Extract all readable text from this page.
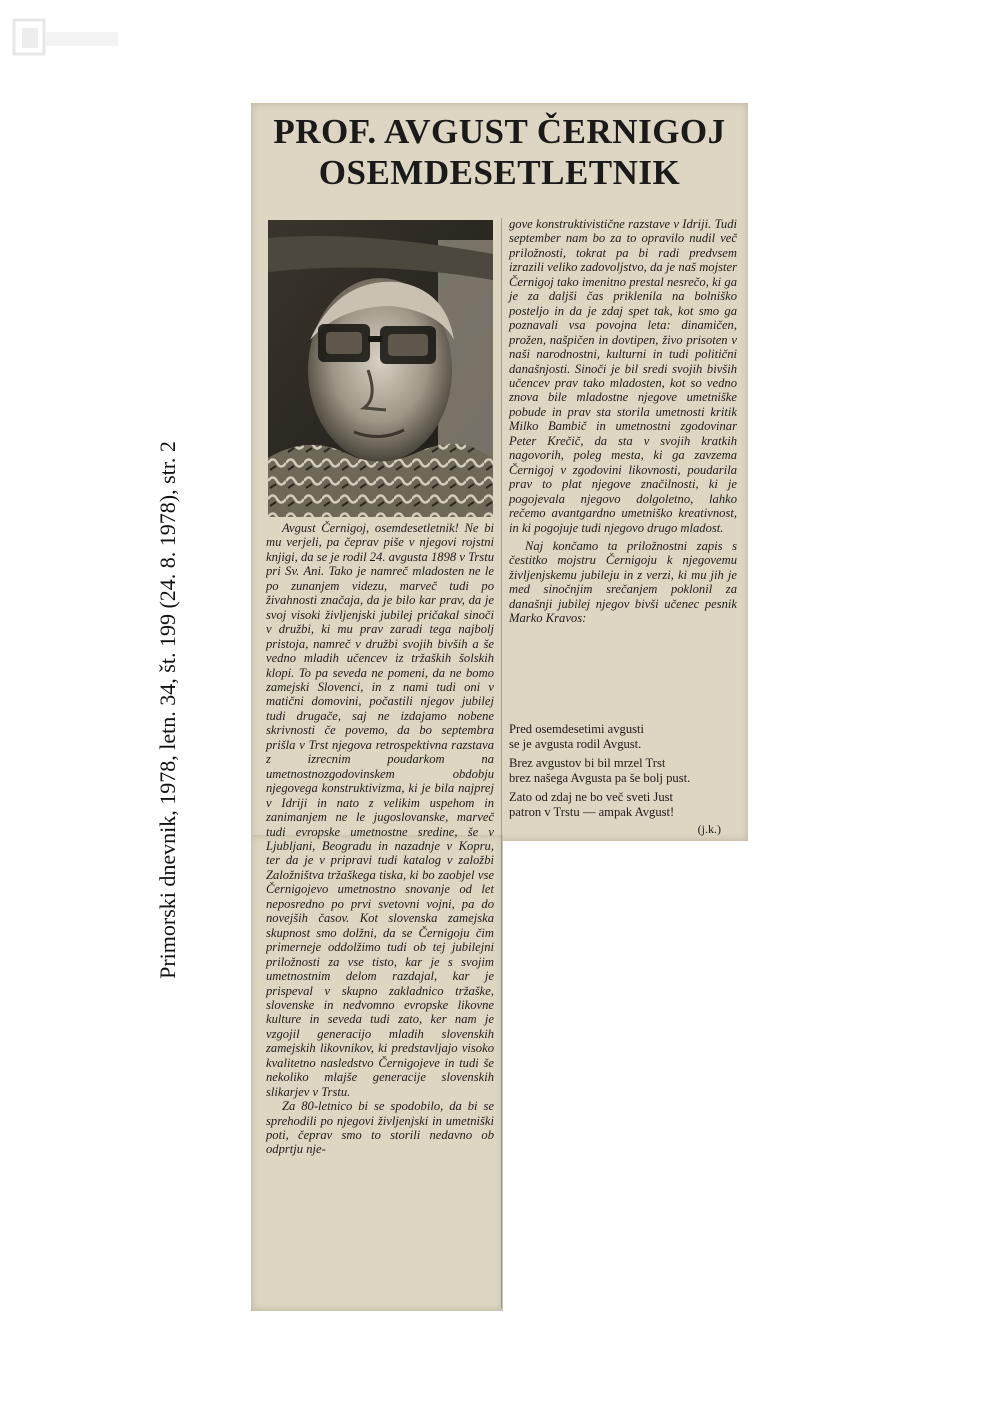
Primorski dnevnik, 1978, letn. 34, št. 199 (24. 8. 1978), str. 2
PROF. AVGUST ČERNIGOJ
OSEMDESETLETNIK

Avgust Černigoj, osemdesetletnik! Ne bi mu verjeli, pa čeprav piše v njegovi rojstni knjigi, da se je rodil 24. avgusta 1898 v Trstu pri Sv. Ani. Tako je namreč mladosten ne le po zunanjem videzu, marveč tudi po živahnosti značaja, da je bilo kar prav, da je svoj visoki življenjski jubilej pričakal sinoči v družbi, ki mu prav zaradi tega najbolj pristoja, namreč v družbi svojih bivših a še vedno mladih učencev iz tržaških šolskih klopi. To pa seveda ne pomeni, da ne bomo zamejski Slovenci, in z nami tudi oni v matični domovini, počastili njegov jubilej tudi drugače, saj ne izdajamo nobene skrivnosti če povemo, da bo septembra prišla v Trst njegova retrospektivna razstava z izrecnim poudarkom na umetnostnozgodovinskem obdobju njegovega konstruktivizma, ki je bila najprej v Idriji in nato z velikim uspehom in zanimanjem ne le jugoslovanske, marveč tudi evropske umetnostne sredine, še v Ljubljani, Beogradu in nazadnje v Kopru, ter da je v pripravi tudi katalog v založbi Založništva tržaškega tiska, ki bo zaobjel vse Černigojevo umetnostno snovanje od let neposredno po prvi svetovni vojni, pa do novejših časov. Kot slovenska zamejska skupnost smo dolžni, da se Černigoju čim primerneje oddolžimo tudi ob tej jubilejni priložnosti za vse tisto, kar je s svojim umetnostnim delom razdajal, kar je prispeval v skupno zakladnico tržaške, slovenske in nedvomno evropske likovne kulture in seveda tudi zato, ker nam je vzgojil generacijo mladih slovenskih zamejskih likovnikov, ki predstavljajo visoko kvalitetno nasledstvo Černigojeve in tudi še nekoliko mlajše generacije slovenskih slikarjev v Trstu.

Za 80-letnico bi se spodobilo, da bi se sprehodili po njegovi življenjski in umetniški poti, čeprav smo to storili nedavno ob odprtju nje-

gove konstruktivistične razstave v Idriji. Tudi september nam bo za to opravilo nudil več priložnosti, tokrat pa bi radi predvsem izrazili veliko zadovoljstvo, da je naš mojster Černigoj tako imenitno prestal nesrečo, ki ga je za daljši čas priklenila na bolniško posteljo in da je zdaj spet tak, kot smo ga poznavali vsa povojna leta: dinamičen, prožen, našpičen in dovtipen, živo prisoten v naši narodnostni, kulturni in tudi politični današnjosti. Sinoči je bil sredi svojih bivših učencev prav tako mladosten, kot so vedno znova bile mladostne njegove umetniške pobude in prav sta storila umetnosti kritik Milko Bambič in umetnostni zgodovinar Peter Krečič, da sta v svojih kratkih nagovorih, poleg mesta, ki ga zavzema Černigoj v zgodovini likovnosti, poudarila prav to plat njegove značilnosti, ki je pogojevala njegovo dolgoletno, lahko rečemo avantgardno umetniško kreativnost, in ki pogojuje tudi njegovo drugo mladost.

Naj končamo ta priložnostni zapis s čestitko mojstru Černigoju k njegovemu življenjskemu jubileju in z verzi, ki mu jih je med sinočnjim srečanjem poklonil za današnji jubilej njegov bivši učenec pesnik Marko Kravos:

Pred osemdesetimi avgusti
se je avgusta rodil Avgust.
Brez avgustov bi bil mrzel Trst
brez našega Avgusta pa še bolj pust.
Zato od zdaj ne bo več sveti Just
patron v Trstu — ampak Avgust!
(j.k.)
